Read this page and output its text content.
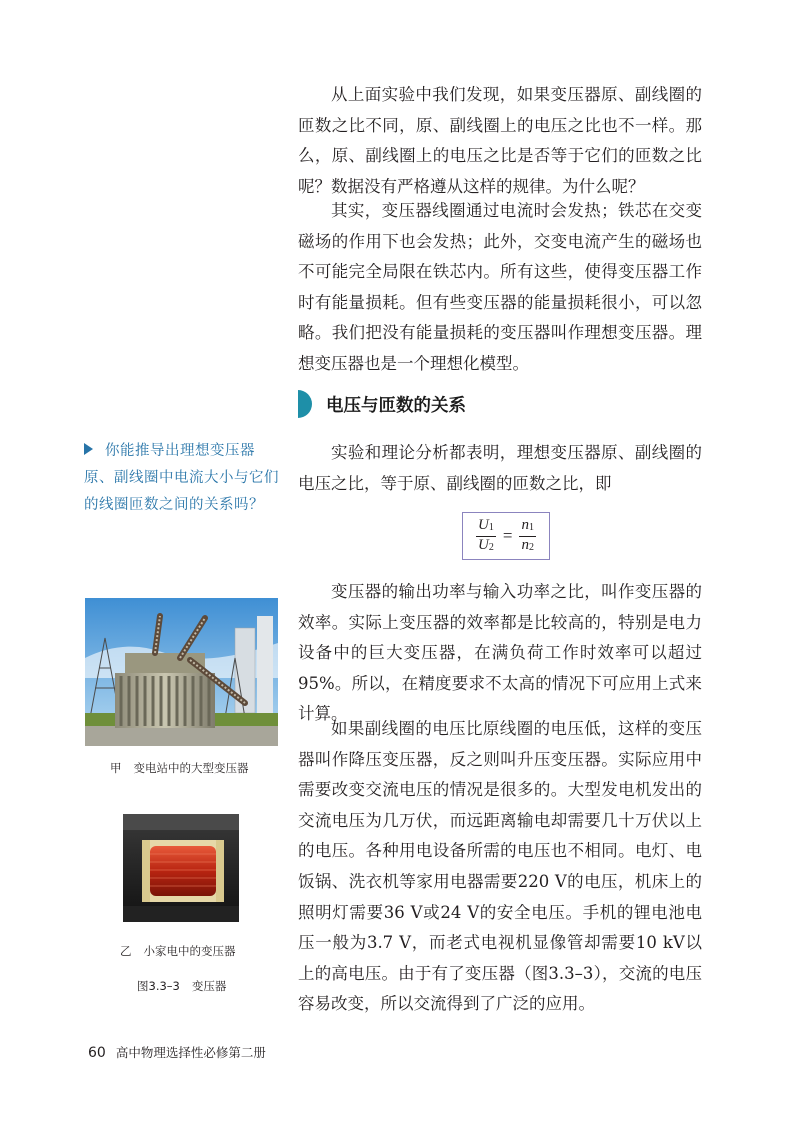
从上面实验中我们发现，如果变压器原、副线圈的匝数之比不同，原、副线圈上的电压之比也不一样。那么，原、副线圈上的电压之比是否等于它们的匝数之比呢？数据没有严格遵从这样的规律。为什么呢？

其实，变压器线圈通过电流时会发热；铁芯在交变磁场的作用下也会发热；此外，交变电流产生的磁场也不可能完全局限在铁芯内。所有这些，使得变压器工作时有能量损耗。但有些变压器的能量损耗很小，可以忽略。我们把没有能量损耗的变压器叫作理想变压器。理想变压器也是一个理想化模型。

电压与匝数的关系

实验和理论分析都表明，理想变压器原、副线圈的电压之比，等于原、副线圈的匝数之比，即

$\frac{U_1}{U_2} = \frac{n_1}{n_2}$

变压器的输出功率与输入功率之比，叫作变压器的效率。实际上变压器的效率都是比较高的，特别是电力设备中的巨大变压器，在满负荷工作时效率可以超过95%。所以，在精度要求不太高的情况下可应用上式来计算。

如果副线圈的电压比原线圈的电压低，这样的变压器叫作降压变压器，反之则叫升压变压器。实际应用中需要改变交流电压的情况是很多的。大型发电机发出的交流电压为几万伏，而远距离输电却需要几十万伏以上的电压。各种用电设备所需的电压也不相同。电灯、电饭锅、洗衣机等家用电器需要220 V的电压，机床上的照明灯需要36 V或24 V的安全电压。手机的锂电池电压一般为3.7 V，而老式电视机显像管却需要10 kV以上的高电压。由于有了变压器（图3.3–3），交流的电压容易改变，所以交流得到了广泛的应用。

你能推导出理想变压器原、副线圈中电流大小与它们的线圈匝数之间的关系吗？
甲 变电站中的大型变压器
乙 小家电中的变压器
图3.3–3 变压器
60 高中物理选择性必修第二册
